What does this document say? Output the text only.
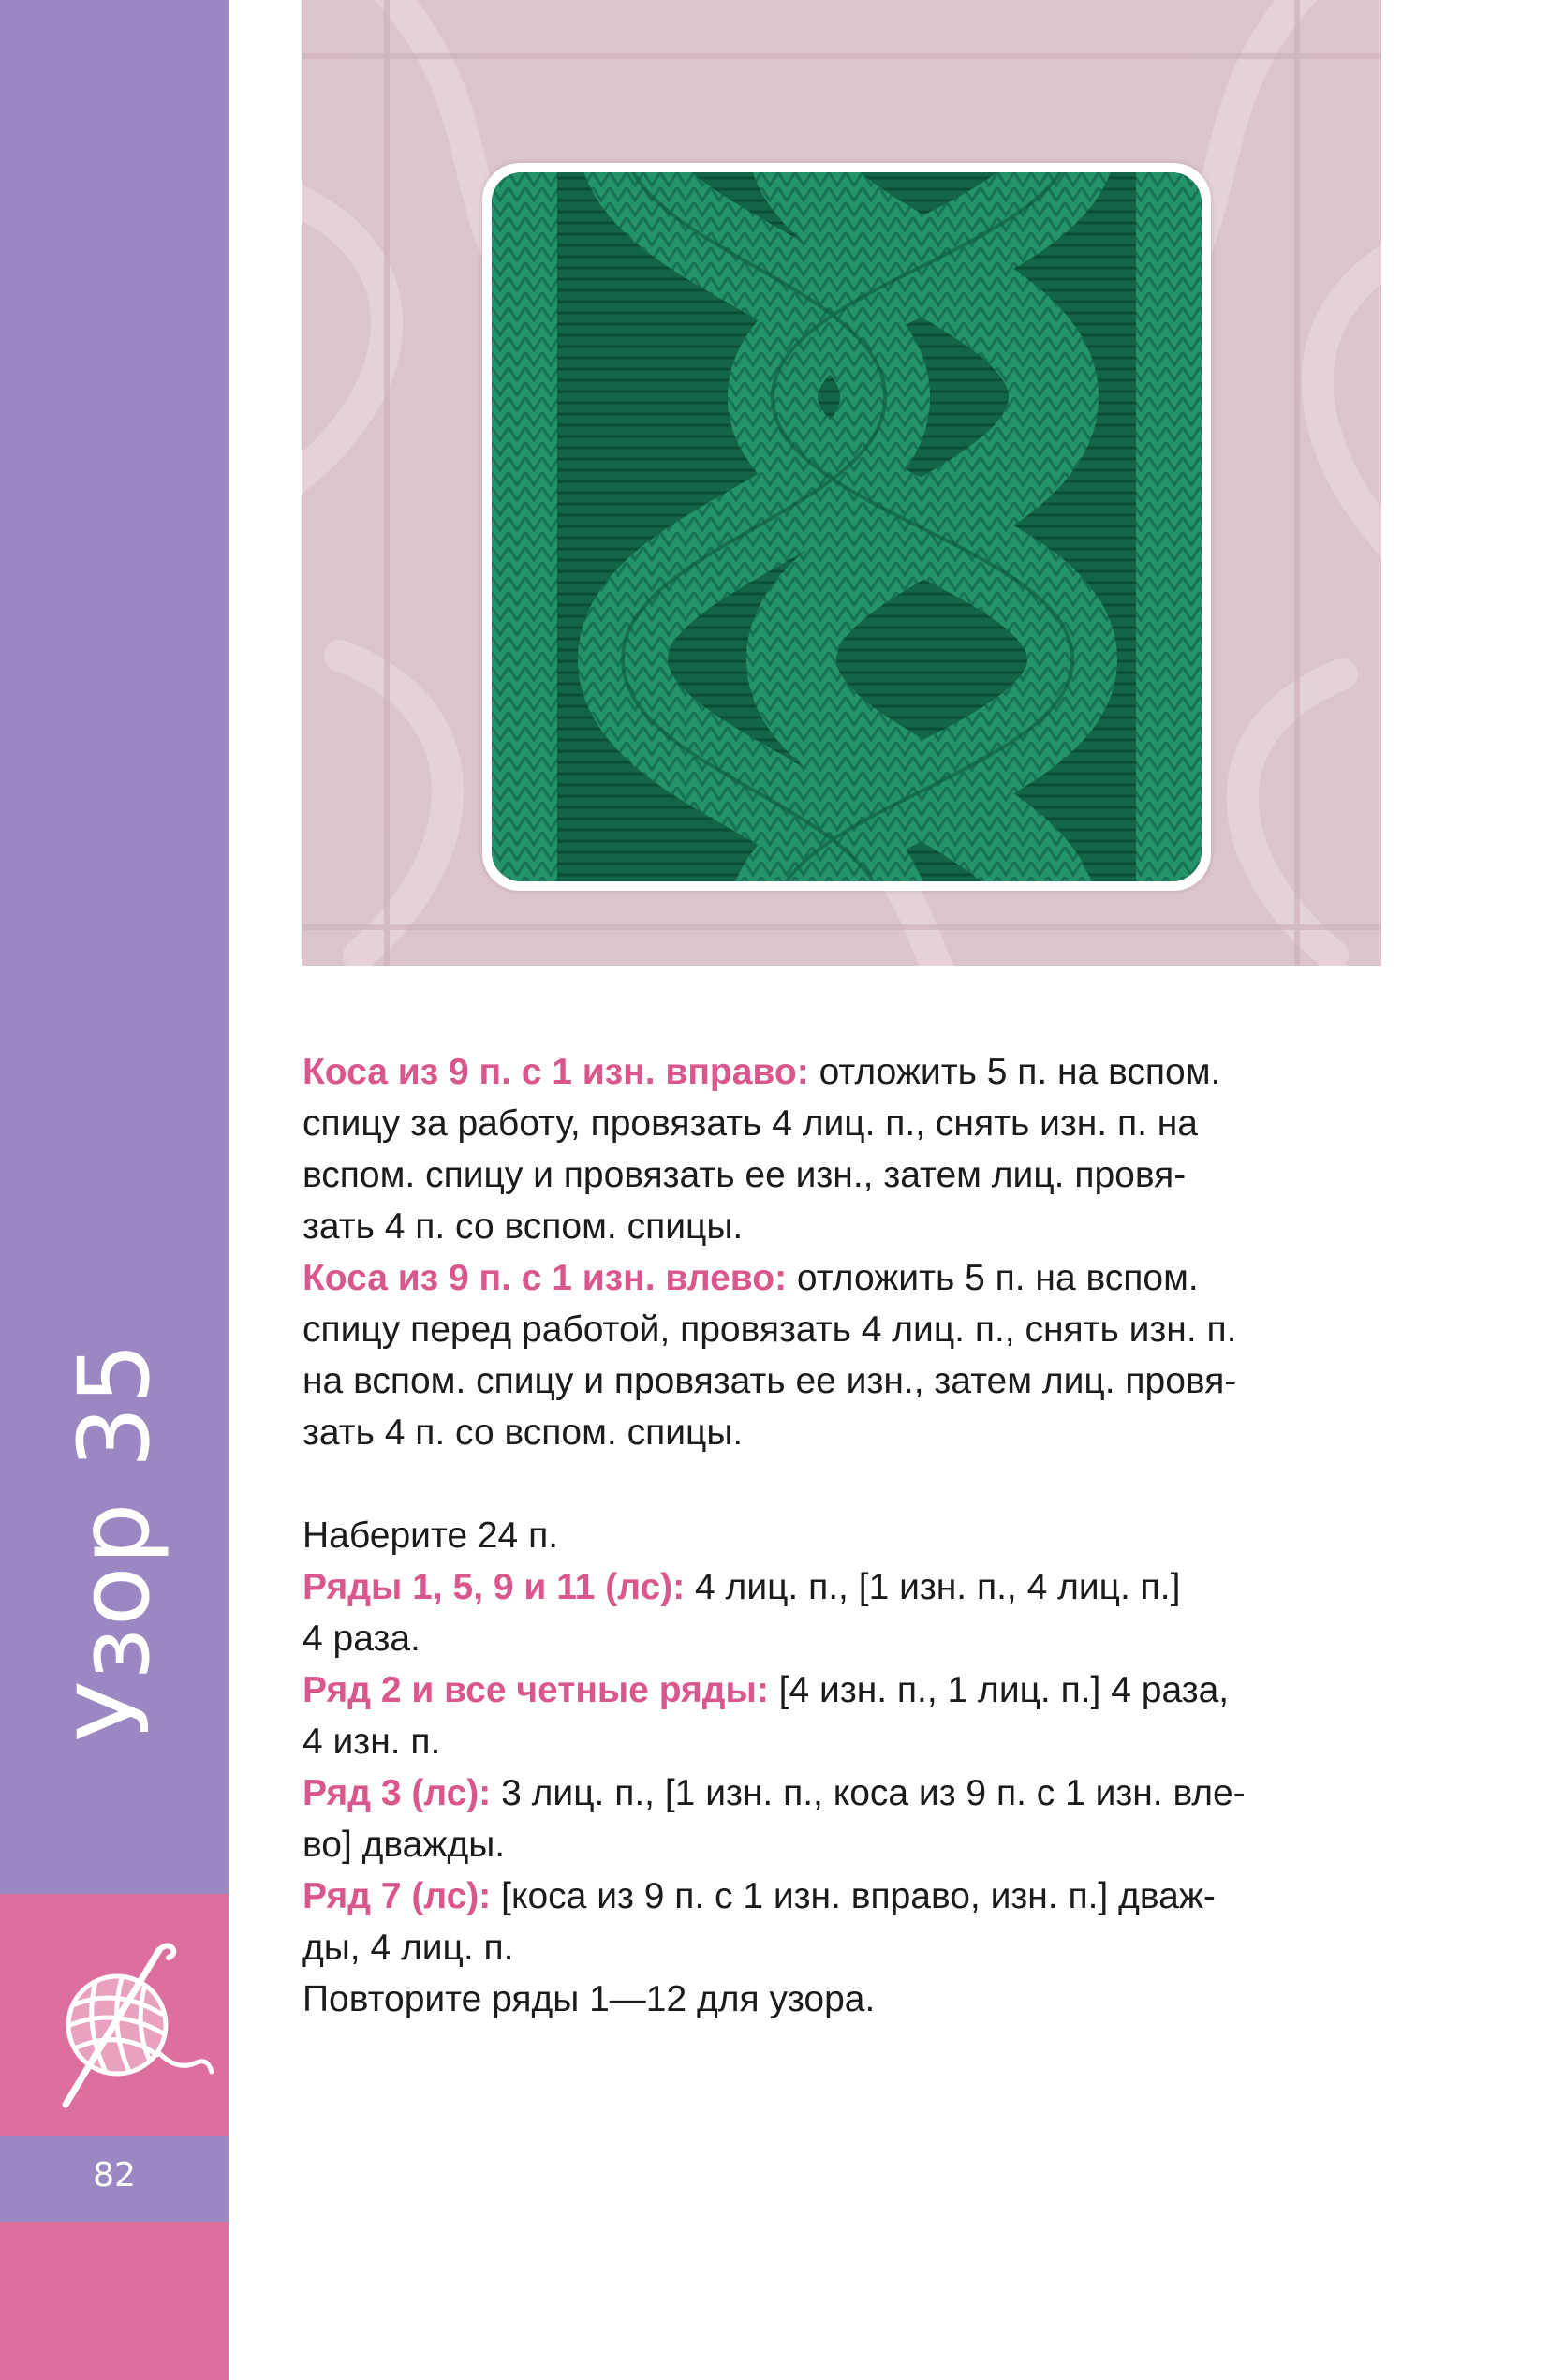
Узор 35
82

Коса из 9 п. с 1 изн. вправо: отложить 5 п. на вспом.

спицу за работу, провязать 4 лиц. п., снять изн. п. на

вспом. спицу и провязать ее изн., затем лиц. провя-

зать 4 п. со вспом. спицы.

Коса из 9 п. с 1 изн. влево: отложить 5 п. на вспом.

спицу перед работой, провязать 4 лиц. п., снять изн. п.

на вспом. спицу и провязать ее изн., затем лиц. провя-

зать 4 п. со вспом. спицы.

Наберите 24 п.

Ряды 1, 5, 9 и 11 (лс): 4 лиц. п., [1 изн. п., 4 лиц. п.]

4 раза.

Ряд 2 и все четные ряды: [4 изн. п., 1 лиц. п.] 4 раза,

4 изн. п.

Ряд 3 (лс): 3 лиц. п., [1 изн. п., коса из 9 п. с 1 изн. вле-

во] дважды.

Ряд 7 (лс): [коса из 9 п. с 1 изн. вправо, изн. п.] дваж-

ды, 4 лиц. п.

Повторите ряды 1—12 для узора.
